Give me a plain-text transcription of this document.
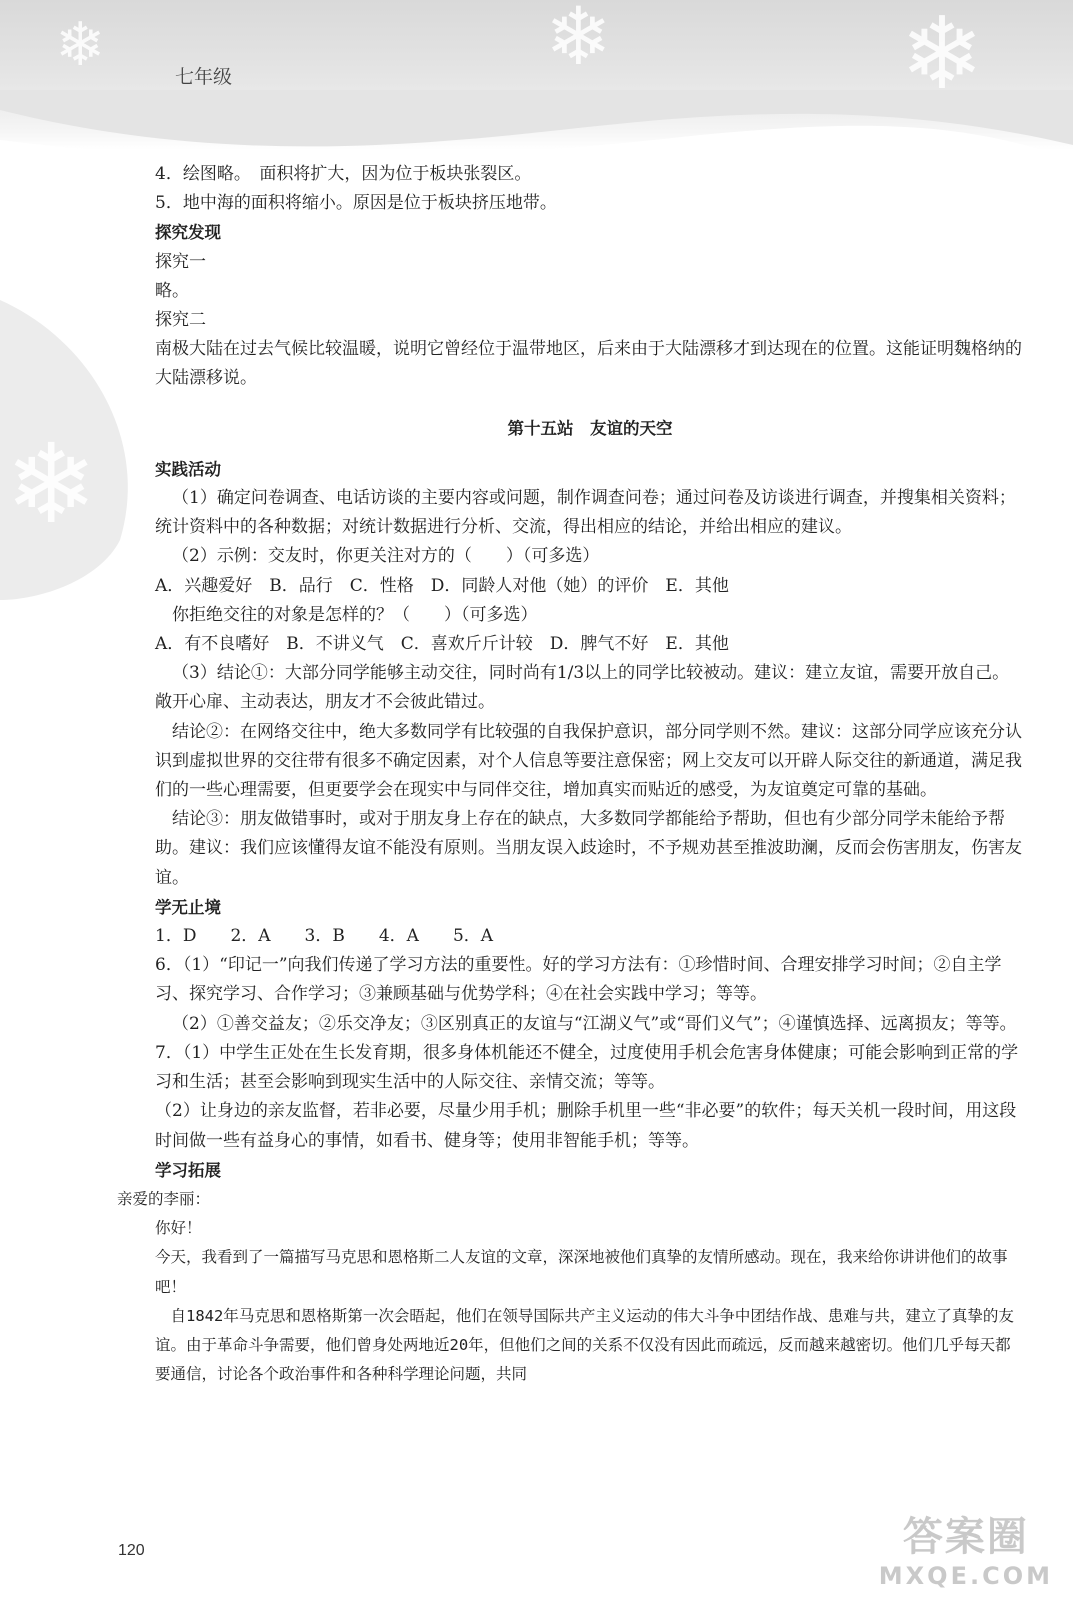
❄	❄
❄
❄
七年级

4．绘图略。　面积将扩大，因为位于板块张裂区。

5．地中海的面积将缩小。原因是位于板块挤压地带。

探究发现

探究一

略。

探究二

南极大陆在过去气候比较温暖，说明它曾经位于温带地区，后来由于大陆漂移才到达现在的位置。这能证明魏格纳的大陆漂移说。

第十五站　友谊的天空

实践活动

（1）确定问卷调查、电话访谈的主要内容或问题，制作调查问卷；通过问卷及访谈进行调查，并搜集相关资料；统计资料中的各种数据；对统计数据进行分析、交流，得出相应的结论，并给出相应的建议。

（2）示例：交友时，你更关注对方的（　　）（可多选）

A．兴趣爱好　B．品行　C．性格　D．同龄人对他（她）的评价　E．其他

你拒绝交往的对象是怎样的？（　　）（可多选）

A．有不良嗜好　B．不讲义气　C．喜欢斤斤计较　D．脾气不好　E．其他

（3）结论①：大部分同学能够主动交往，同时尚有1/3以上的同学比较被动。建议：建立友谊，需要开放自己。敞开心扉、主动表达，朋友才不会彼此错过。

结论②：在网络交往中，绝大多数同学有比较强的自我保护意识，部分同学则不然。建议：这部分同学应该充分认识到虚拟世界的交往带有很多不确定因素，对个人信息等要注意保密；网上交友可以开辟人际交往的新通道，满足我们的一些心理需要，但更要学会在现实中与同伴交往，增加真实而贴近的感受，为友谊奠定可靠的基础。

结论③：朋友做错事时，或对于朋友身上存在的缺点，大多数同学都能给予帮助，但也有少部分同学未能给予帮助。建议：我们应该懂得友谊不能没有原则。当朋友误入歧途时，不予规劝甚至推波助澜，反而会伤害朋友，伤害友谊。

学无止境

1．D　　2．A　　3．B　　4．A　　5．A

6．（1）“印记一”向我们传递了学习方法的重要性。好的学习方法有：①珍惜时间、合理安排学习时间；②自主学习、探究学习、合作学习；③兼顾基础与优势学科；④在社会实践中学习；等等。

（2）①善交益友；②乐交净友；③区别真正的友谊与“江湖义气”或“哥们义气”；④谨慎选择、远离损友；等等。

7．（1）中学生正处在生长发育期，很多身体机能还不健全，过度使用手机会危害身体健康；可能会影响到正常的学习和生活；甚至会影响到现实生活中的人际交往、亲情交流；等等。

（2）让身边的亲友监督，若非必要，尽量少用手机；删除手机里一些“非必要”的软件；每天关机一段时间，用这段时间做一些有益身心的事情，如看书、健身等；使用非智能手机；等等。

学习拓展

亲爱的李丽：

你好！

今天，我看到了一篇描写马克思和恩格斯二人友谊的文章，深深地被他们真挚的友情所感动。现在，我来给你讲讲他们的故事吧！

自1842年马克思和恩格斯第一次会晤起，他们在领导国际共产主义运动的伟大斗争中团结作战、患难与共，建立了真挚的友谊。由于革命斗争需要，他们曾身处两地近20年，但他们之间的关系不仅没有因此而疏远，反而越来越密切。他们几乎每天都要通信，讨论各个政治事件和各种科学理论问题，共同

120	答案圈
MXQE.COM
